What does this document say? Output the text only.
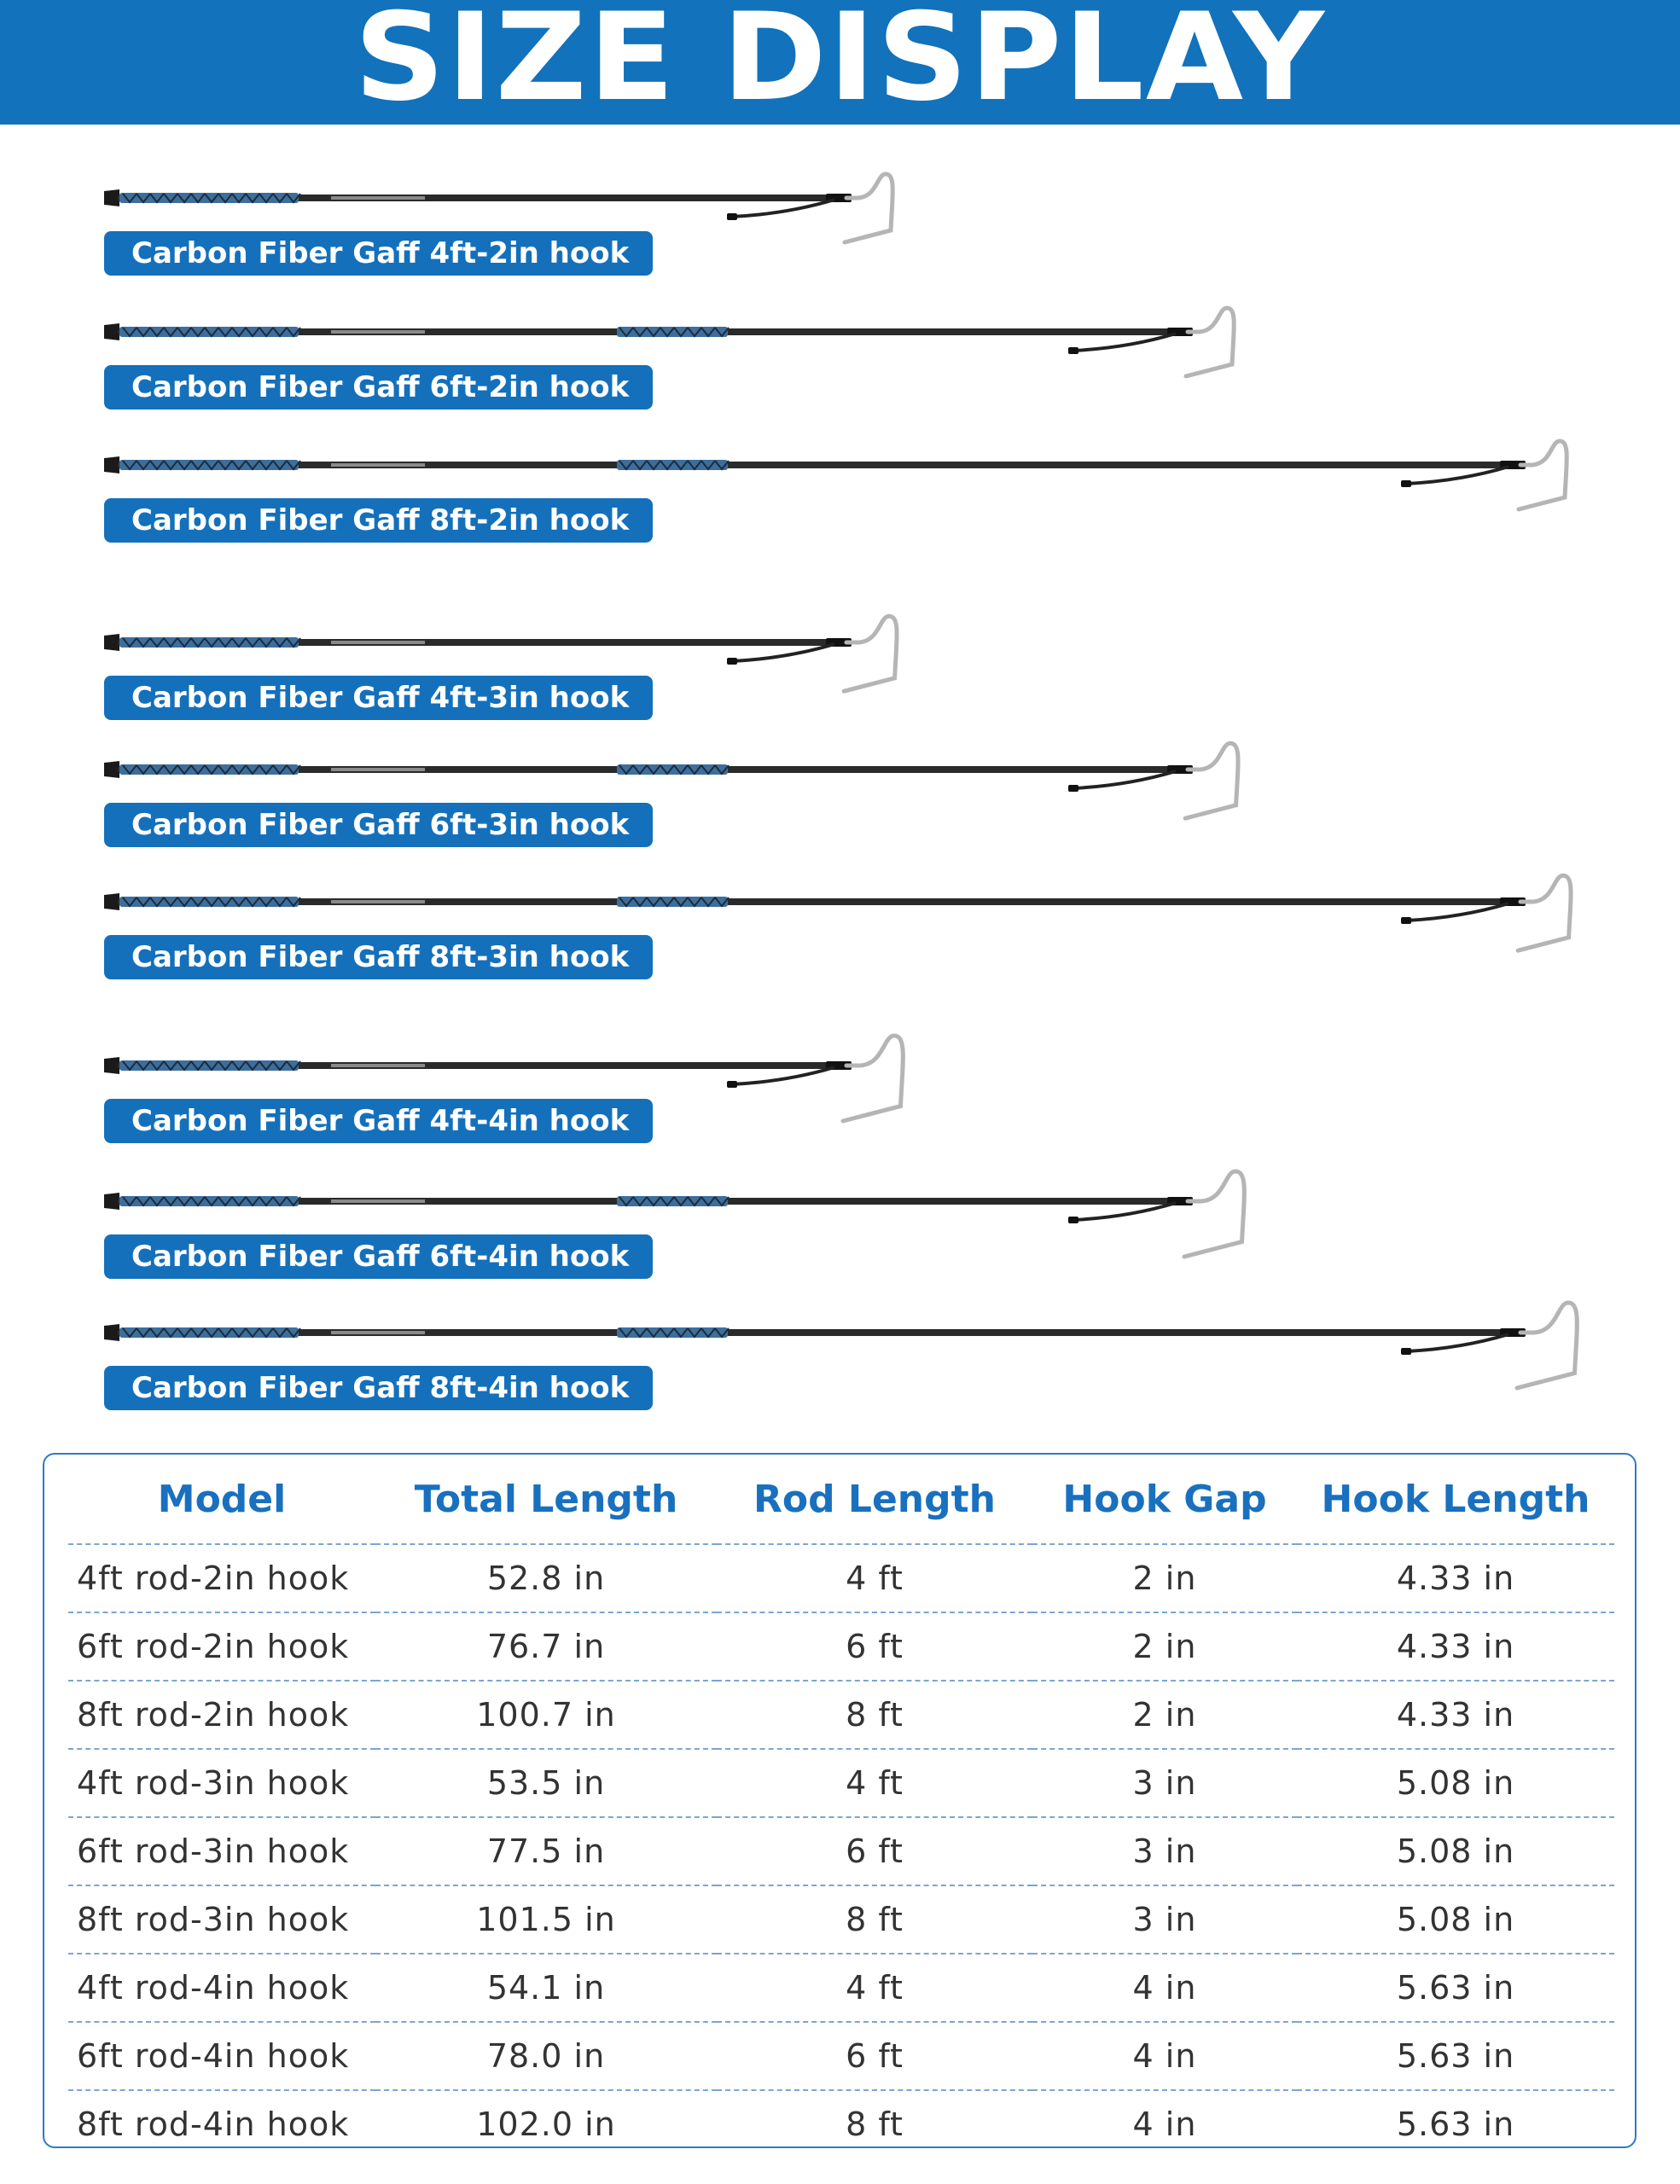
SIZE DISPLAY
Carbon Fiber Gaff 4ft-2in hook
Carbon Fiber Gaff 6ft-2in hook
Carbon Fiber Gaff 8ft-2in hook
Carbon Fiber Gaff 4ft-3in hook
Carbon Fiber Gaff 6ft-3in hook
Carbon Fiber Gaff 8ft-3in hook
Carbon Fiber Gaff 4ft-4in hook
Carbon Fiber Gaff 6ft-4in hook
Carbon Fiber Gaff 8ft-4in hook
Model	Total Length	Rod Length	Hook Gap	Hook Length
4ft rod-2in hook	52.8 in	4 ft	2 in	4.33 in
6ft rod-2in hook	76.7 in	6 ft	2 in	4.33 in
8ft rod-2in hook	100.7 in	8 ft	2 in	4.33 in
4ft rod-3in hook	53.5 in	4 ft	3 in	5.08 in
6ft rod-3in hook	77.5 in	6 ft	3 in	5.08 in
8ft rod-3in hook	101.5 in	8 ft	3 in	5.08 in
4ft rod-4in hook	54.1 in	4 ft	4 in	5.63 in
6ft rod-4in hook	78.0 in	6 ft	4 in	5.63 in
8ft rod-4in hook	102.0 in	8 ft	4 in	5.63 in
